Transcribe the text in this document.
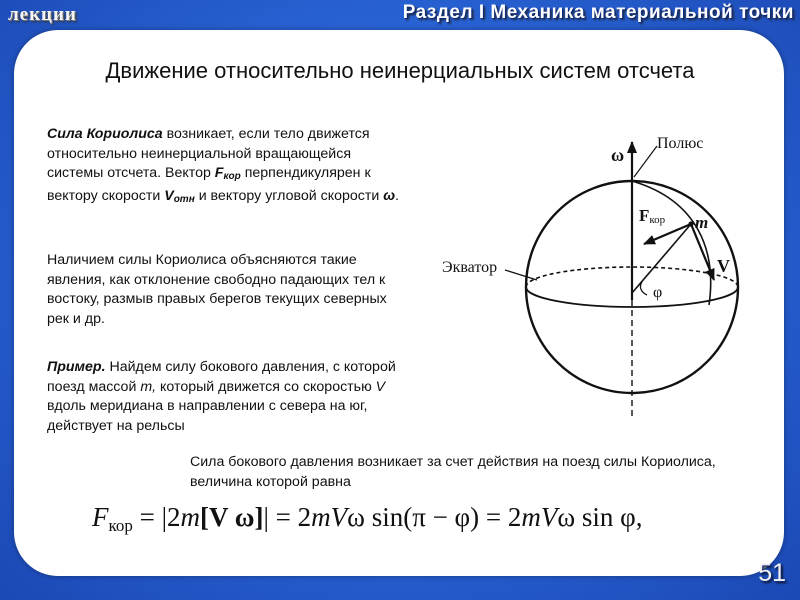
лекции	Раздел I Механика материальной точки
Движение относительно неинерциальных систем отсчета
Сила Кориолиса возникает, если тело движется относительно неинерциальной вращающейся системы отсчета. Вектор $F_{кор}$ перпендикулярен к вектору скорости $V_{отн}$ и вектору угловой скорости ω.
Наличием силы Кориолиса объясняются такие явления, как отклонение свободно падающих тел к востоку, размыв правых берегов текущих северных рек и др.
Пример. Найдем силу бокового давления, с которой поезд массой m, который движется со скоростью V вдоль меридиана в направлении с севера на юг, действует на рельсы
Сила бокового давления возникает за счет действия на поезд силы Кориолиса, величина которой равна
ω
Полюс
Экватор
Fкор m
V
φ
$F_{кор} = |2m[V$ ω]| = 2mVω sin(π − φ) = 2mVω sin φ,
51
